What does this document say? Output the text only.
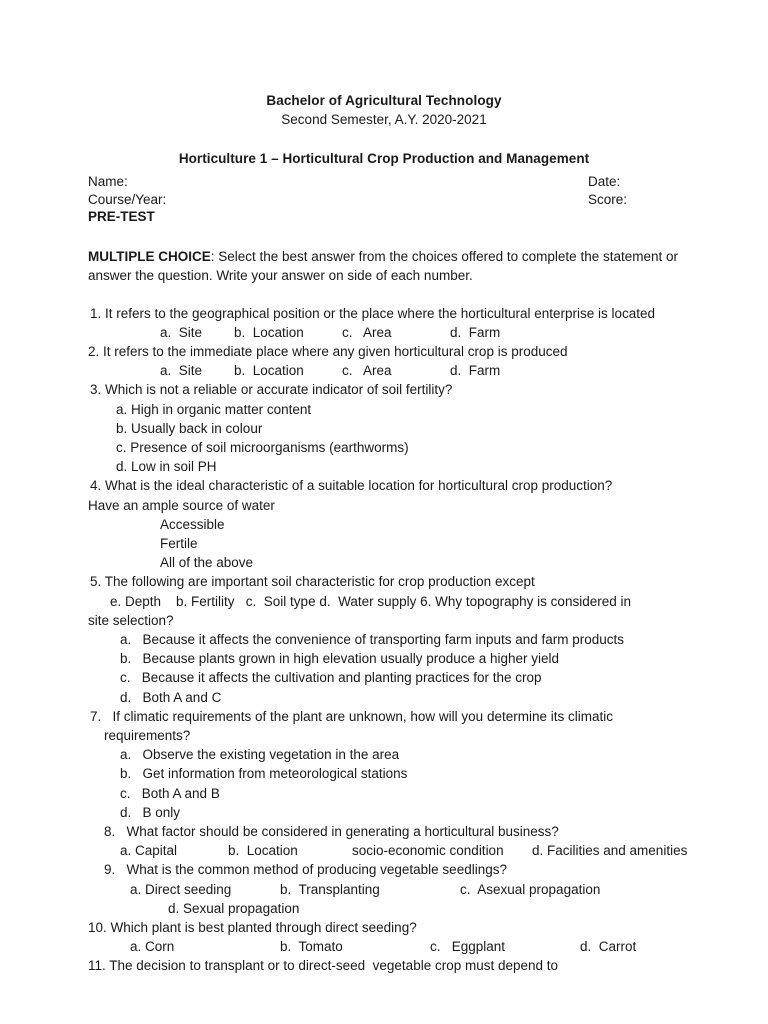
Bachelor of Agricultural Technology
Second Semester, A.Y. 2020-2021
Horticulture 1 – Horticultural Crop Production and Management
Name:	Date:
Course/Year:	Score:
PRE-TEST
MULTIPLE CHOICE: Select the best answer from the choices offered to complete the statement or answer the question. Write your answer on side of each number.
1. It refers to the geographical position or the place where the horticultural enterprise is located
a.  Site	b.  Location	c.   Area	d.  Farm
2. It refers to the immediate place where any given horticultural crop is produced
a.  Site	b.  Location	c.   Area	d.  Farm
3. Which is not a reliable or accurate indicator of soil fertility?
a. High in organic matter content
b. Usually back in colour
c. Presence of soil microorganisms (earthworms)
d. Low in soil PH
4. What is the ideal characteristic of a suitable location for horticultural crop production?
Have an ample source of water
Accessible
Fertile
All of the above
5. The following are important soil characteristic for crop production except
e. Depth    b. Fertility   c.  Soil type d.  Water supply 6. Why topography is considered in
site selection?
a.   Because it affects the convenience of transporting farm inputs and farm products
b.   Because plants grown in high elevation usually produce a higher yield
c.   Because it affects the cultivation and planting practices for the crop
d.   Both A and C
7.   If climatic requirements of the plant are unknown, how will you determine its climatic requirements?
a.   Observe the existing vegetation in the area
b.   Get information from meteorological stations
c.   Both A and B
d.   B only
8.   What factor should be considered in generating a horticultural business?
a. Capital	b.  Location	socio-economic condition	d. Facilities and amenities
9.   What is the common method of producing vegetable seedlings?
a. Direct seeding	b.  Transplanting	c.  Asexual propagation
d. Sexual propagation
10. Which plant is best planted through direct seeding?
a. Corn	b.  Tomato	c.   Eggplant	d.  Carrot
11. The decision to transplant or to direct-seed  vegetable crop must depend to
